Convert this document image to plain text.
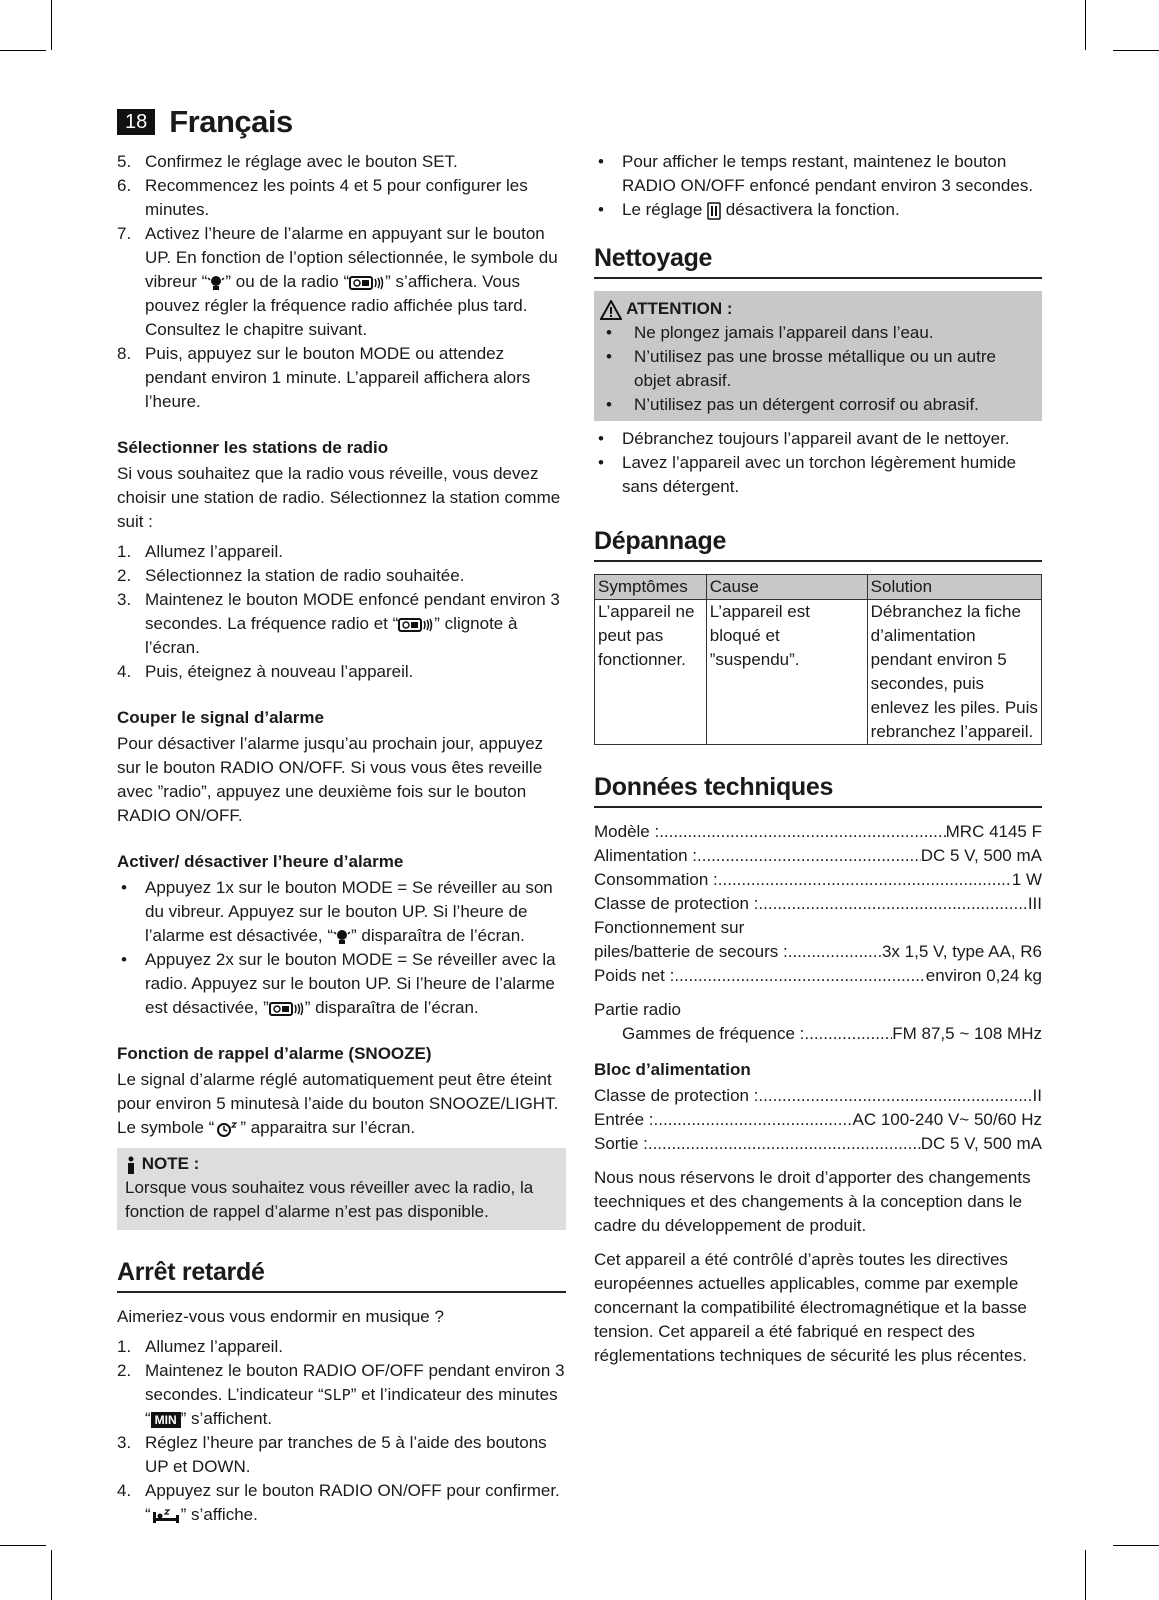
18 Français
5. Confirmez le réglage avec le bouton SET.
6. Recommencez les points 4 et 5 pour configurer les minutes.
7. Activez l’heure de l’alarme en appuyant sur le bouton UP. En fonction de l’option sélectionnée, le symbole du vibreur “ ” ou de la radio “ ” s’affichera. Vous pouvez régler la fréquence radio affichée plus tard. Consultez le chapitre suivant.
8. Puis, appuyez sur le bouton MODE ou attendez pendant environ 1 minute. L’appareil affichera alors l’heure.
Sélectionner les stations de radio

Si vous souhaitez que la radio vous réveille, vous devez choisir une station de radio. Sélectionnez la station comme suit :

1. Allumez l’appareil.
2. Sélectionnez la station de radio souhaitée.
3. Maintenez le bouton MODE enfoncé pendant environ 3 secondes. La fréquence radio et “ ” clignote à l’écran.
4. Puis, éteignez à nouveau l’appareil.
Couper le signal d’alarme

Pour désactiver l’alarme jusqu’au prochain jour, appuyez sur le bouton RADIO ON/OFF. Si vous vous êtes reveille avec ”radio”, appuyez une deuxième fois sur le bouton RADIO ON/OFF.

Activer/ désactiver l’heure d’alarme
• Appuyez 1x sur le bouton MODE = Se réveiller au son du vibreur. Appuyez sur le bouton UP. Si l’heure de l’alarme est désactivée, “ ” disparaîtra de l’écran.
• Appuyez 2x sur le bouton MODE = Se réveiller avec la radio. Appuyez sur le bouton UP. Si l’heure de l’alarme est désactivée, ” ” disparaîtra de l’écran.
Fonction de rappel d’alarme (SNOOZE)

Le signal d’alarme réglé automatiquement peut être éteint pour environ 5 minutesà l’aide du bouton SNOOZE/LIGHT. Le symbole “ ” apparaitra sur l’écran.

NOTE :

Lorsque vous souhaitez vous réveiller avec la radio, la fonction de rappel d’alarme n’est pas disponible.

Arrêt retardé

Aimeriez-vous vous endormir en musique ?

1. Allumez l’appareil.
2. Maintenez le bouton RADIO OF/OFF pendant environ 3 secondes. L’indicateur “SLP” et l’indicateur des minutes “ MIN ” s’affichent.
3. Réglez l’heure par tranches de 5 à l’aide des boutons UP et DOWN.
4. Appuyez sur le bouton RADIO ON/OFF pour confirmer. “ ” s’affiche.
• Pour afficher le temps restant, maintenez le bouton RADIO ON/OFF enfoncé pendant environ 3 secondes.
• Le réglage  désactivera la fonction.
Nettoyage
ATTENTION :
• Ne plongez jamais l’appareil dans l’eau.
• N’utilisez pas une brosse métallique ou un autre objet abrasif.
• N’utilisez pas un détergent corrosif ou abrasif.
• Débranchez toujours l’appareil avant de le nettoyer.
• Lavez l’appareil avec un torchon légèrement humide sans détergent.
Dépannage
Symptômes	Cause	Solution
L’appareil ne peut pas fonctionner.	L’appareil est bloqué et ”suspendu”.	Débranchez la fiche d’alimentation pendant environ 5 secondes, puis enlevez les piles. Puis rebranchez l’appareil.
Données techniques
Modèle : .....	MRC 4145 F
Alimentation : .....	DC 5 V, 500 mA
Consommation : .....	1 W
Classe de protection : .....	III
Fonctionnement sur
piles/batterie de secours : .....	3x 1,5 V, type AA, R6
Poids net : .....	environ 0,24 kg
Partie radio
Gammes de fréquence : .....	FM 87,5 ~ 108 MHz
Bloc d’alimentation
Classe de protection : .....	II
Entrée : .....	AC 100-240 V~ 50/60 Hz
Sortie : .....	DC 5 V, 500 mA

Nous nous réservons le droit d’apporter des changements teechniques et des changements à la conception dans le cadre du développement de produit.

Cet appareil a été contrôlé d’après toutes les directives européennes actuelles applicables, comme par exemple concernant la compatibilité électromagnétique et la basse tension. Cet appareil a été fabriqué en respect des réglementations techniques de sécurité les plus récentes.
